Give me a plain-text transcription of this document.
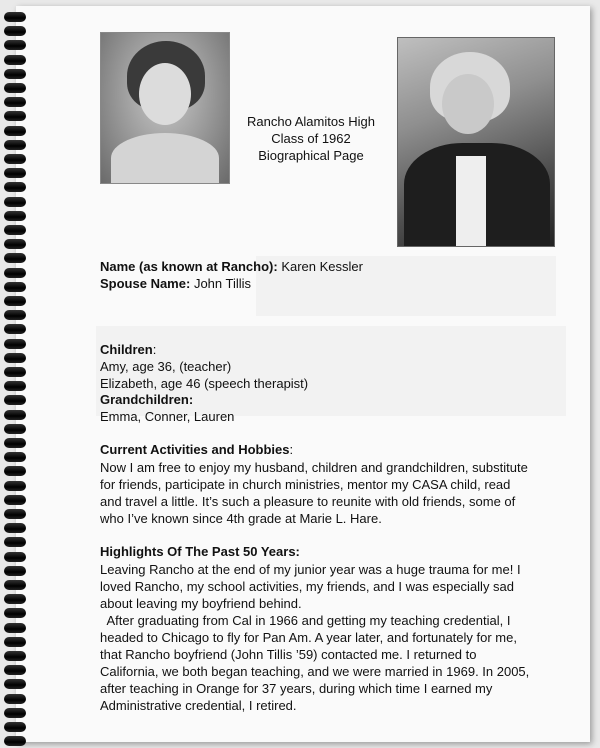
Rancho Alamitos High
Class of 1962
Biographical Page
Name (as known at Rancho): Karen Kessler
Spouse Name: John Tillis
Children:
Amy, age 36, (teacher)
Elizabeth, age 46 (speech therapist)
Grandchildren:
Emma, Conner, Lauren
Current Activities and Hobbies:
Now I am free to enjoy my husband, children and grandchildren, substitute
for friends, participate in church ministries, mentor my CASA child, read
and travel a little. It’s such a pleasure to reunite with old friends, some of
who I’ve known since 4th grade at Marie L. Hare.
Highlights Of The Past 50 Years:
Leaving Rancho at the end of my junior year was a huge trauma for me! I
loved Rancho, my school activities, my friends, and I was especially sad
about leaving my boyfriend behind.
After graduating from Cal in 1966 and getting my teaching credential, I
headed to Chicago to fly for Pan Am. A year later, and fortunately for me,
that Rancho boyfriend (John Tillis ’59) contacted me. I returned to
California, we both began teaching, and we were married in 1969. In 2005,
after teaching in Orange for 37 years, during which time I earned my
Administrative credential, I retired.
